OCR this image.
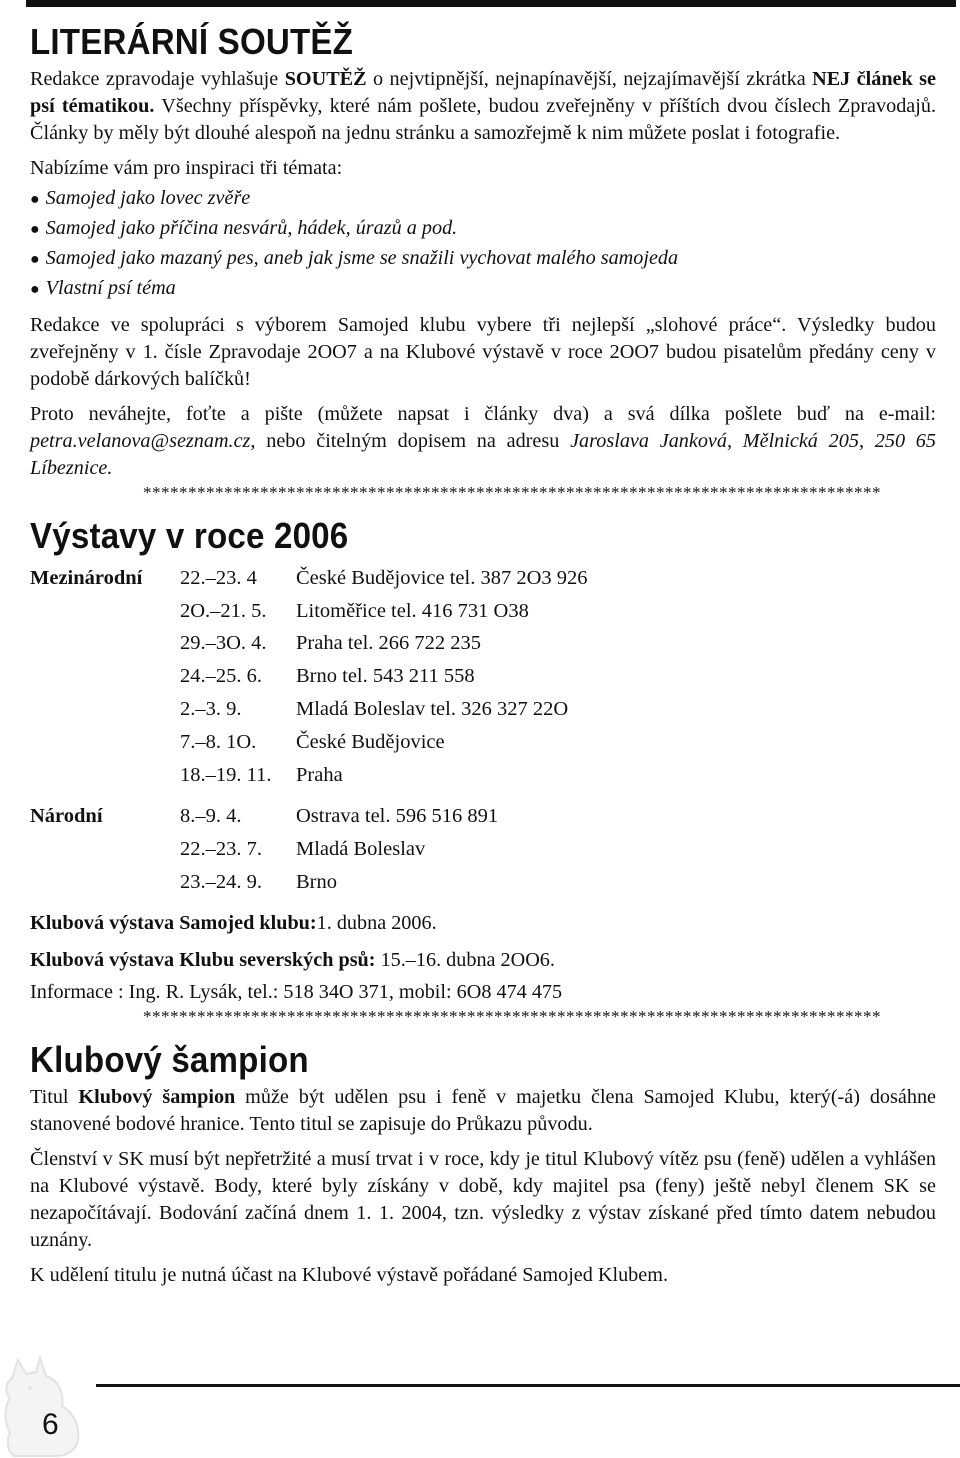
LITERÁRNÍ SOUTĚŽ

Redakce zpravodaje vyhlašuje SOUTĚŽ o nejvtipnější, nejnapínavější, nejzajímavější zkrátka NEJ článek se psí tématikou. Všechny příspěvky, které nám pošlete, budou zveřejněny v příštích dvou číslech Zpravodajů. Články by měly být dlouhé alespoň na jednu stránku a samozřejmě k nim můžete poslat i fotografie.

Nabízíme vám pro inspiraci tři témata:

● Samojed jako lovec zvěře
● Samojed jako příčina nesvárů, hádek, úrazů a pod.
● Samojed jako mazaný pes, aneb jak jsme se snažili vychovat malého samojeda
● Vlastní psí téma

Redakce ve spolupráci s výborem Samojed klubu vybere tři nejlepší „slohové práce“. Výsledky budou zveřejněny v 1. čísle Zpravodaje 2OO7 a na Klubové výstavě v roce 2OO7 budou pisatelům předány ceny v podobě dárkových balíčků!

Proto neváhejte, foťte a pište (můžete napsat i články dva) a svá dílka pošlete buď na e-mail: petra.velanova@seznam.cz, nebo čitelným dopisem na adresu Jaroslava Janková, Mělnická 205, 250 65 Líbeznice.

**********************************************************************************
Výstavy v roce 2006
Mezinárodní	22.–23. 4	České Budějovice tel. 387 2O3 926
	2O.–21. 5.	Litoměřice tel. 416 731 O38
	29.–3O. 4.	Praha tel. 266 722 235
	24.–25. 6.	Brno tel. 543 211 558
	2.–3. 9.	Mladá Boleslav tel. 326 327 22O
	7.–8. 1O.	České Budějovice
	18.–19. 11.	Praha
Národní	8.–9. 4.	Ostrava tel. 596 516 891
	22.–23. 7.	Mladá Boleslav
	23.–24. 9.	Brno
Klubová výstava Samojed klubu:1. dubna 2006.
Klubová výstava Klubu severských psů: 15.–16. dubna 2OO6.
Informace : Ing. R. Lysák, tel.: 518 34O 371, mobil: 6O8 474 475
**********************************************************************************
Klubový šampion

Titul Klubový šampion může být udělen psu i feně v majetku člena Samojed Klubu, který(-á) dosáhne stanovené bodové hranice. Tento titul se zapisuje do Průkazu původu.

Členství v SK musí být nepřetržité a musí trvat i v roce, kdy je titul Klubový vítěz psu (feně) udělen a vyhlášen na Klubové výstavě. Body, které byly získány v době, kdy majitel psa (feny) ještě nebyl členem SK se nezapočítávají. Bodování začíná dnem 1. 1. 2004, tzn. výsledky z výstav získané před tímto datem nebudou uznány.

K udělení titulu je nutná účast na Klubové výstavě pořádané Samojed Klubem.

6
